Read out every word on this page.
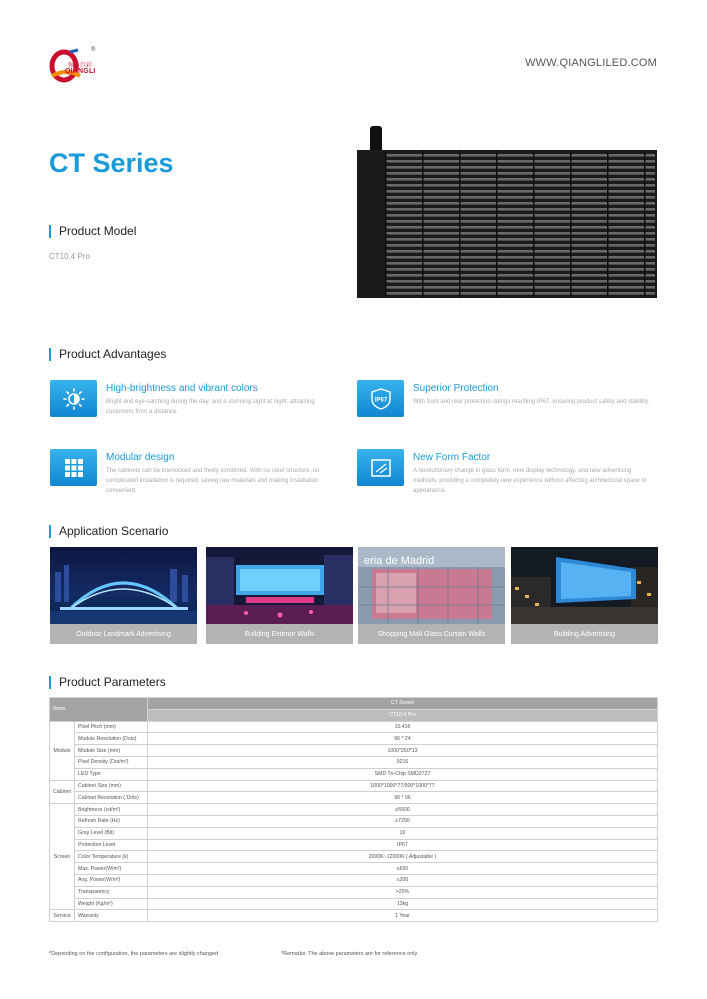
®
强力巨彩
QIANGLI
WWW.QIANGLILED.COM
CT Series
Product Model
CT10.4 Pro
Product Advantages
High-brightness and vibrant colors
Bright and eye-catching during the day, and a stunning sight at night, attracting customers from a distance.
IP67
Superior Protection
With front and rear protection ratings reaching IP67, ensuring product safety and stability.
Modular design
The cabinets can be interlocked and freely combined. With no steel structure, no complicated installation is required, saving raw materials and making installation convenient.
New Form Factor
A revolutionary change in glass form, new display technology, and new advertising methods, providing a completely new experience without affecting architectural space or appearance.
Application Scenario
Outdoor Landmark Advertising	Building Exterior Walls
eria de Madrid
Shopping Mall Glass Curtain Walls	Building Advertising
Product Parameters
Items		CT Series
		CT10.4 Pro
Module	Pixel Pitch (mm)	10.416
	Module Resolution (Dots)	96 * 24
	Module Size (mm)	1000*250*13
	Pixel Density (Dot/m²)	9216
	LED Type	SMD Tri-Chip SMD2727
Cabinet	Cabinet Size (mm)	1000*1000*77/500*1000*77
	Cabinet Resolution ( Dots)	96 * 96
Screen	Brightness (cd/m²)	≥5500
	Refresh Rate (Hz)	≥7200
	Gray Level (Bit)	16
	Protection Level	IP67
	Color Temperature (k)	2000K~12000K ( Adjustable )
	Max. Power(W/m²)	≤650
	Avg. Power(W/m²)	≤200
	Transparency	>25%
	Weight (Kg/m²)	13kg
Service	Warranty	1 Year
*Depending on the configuration, the parameters are slightly changed	*Remarks: The above parameters are for reference only.
